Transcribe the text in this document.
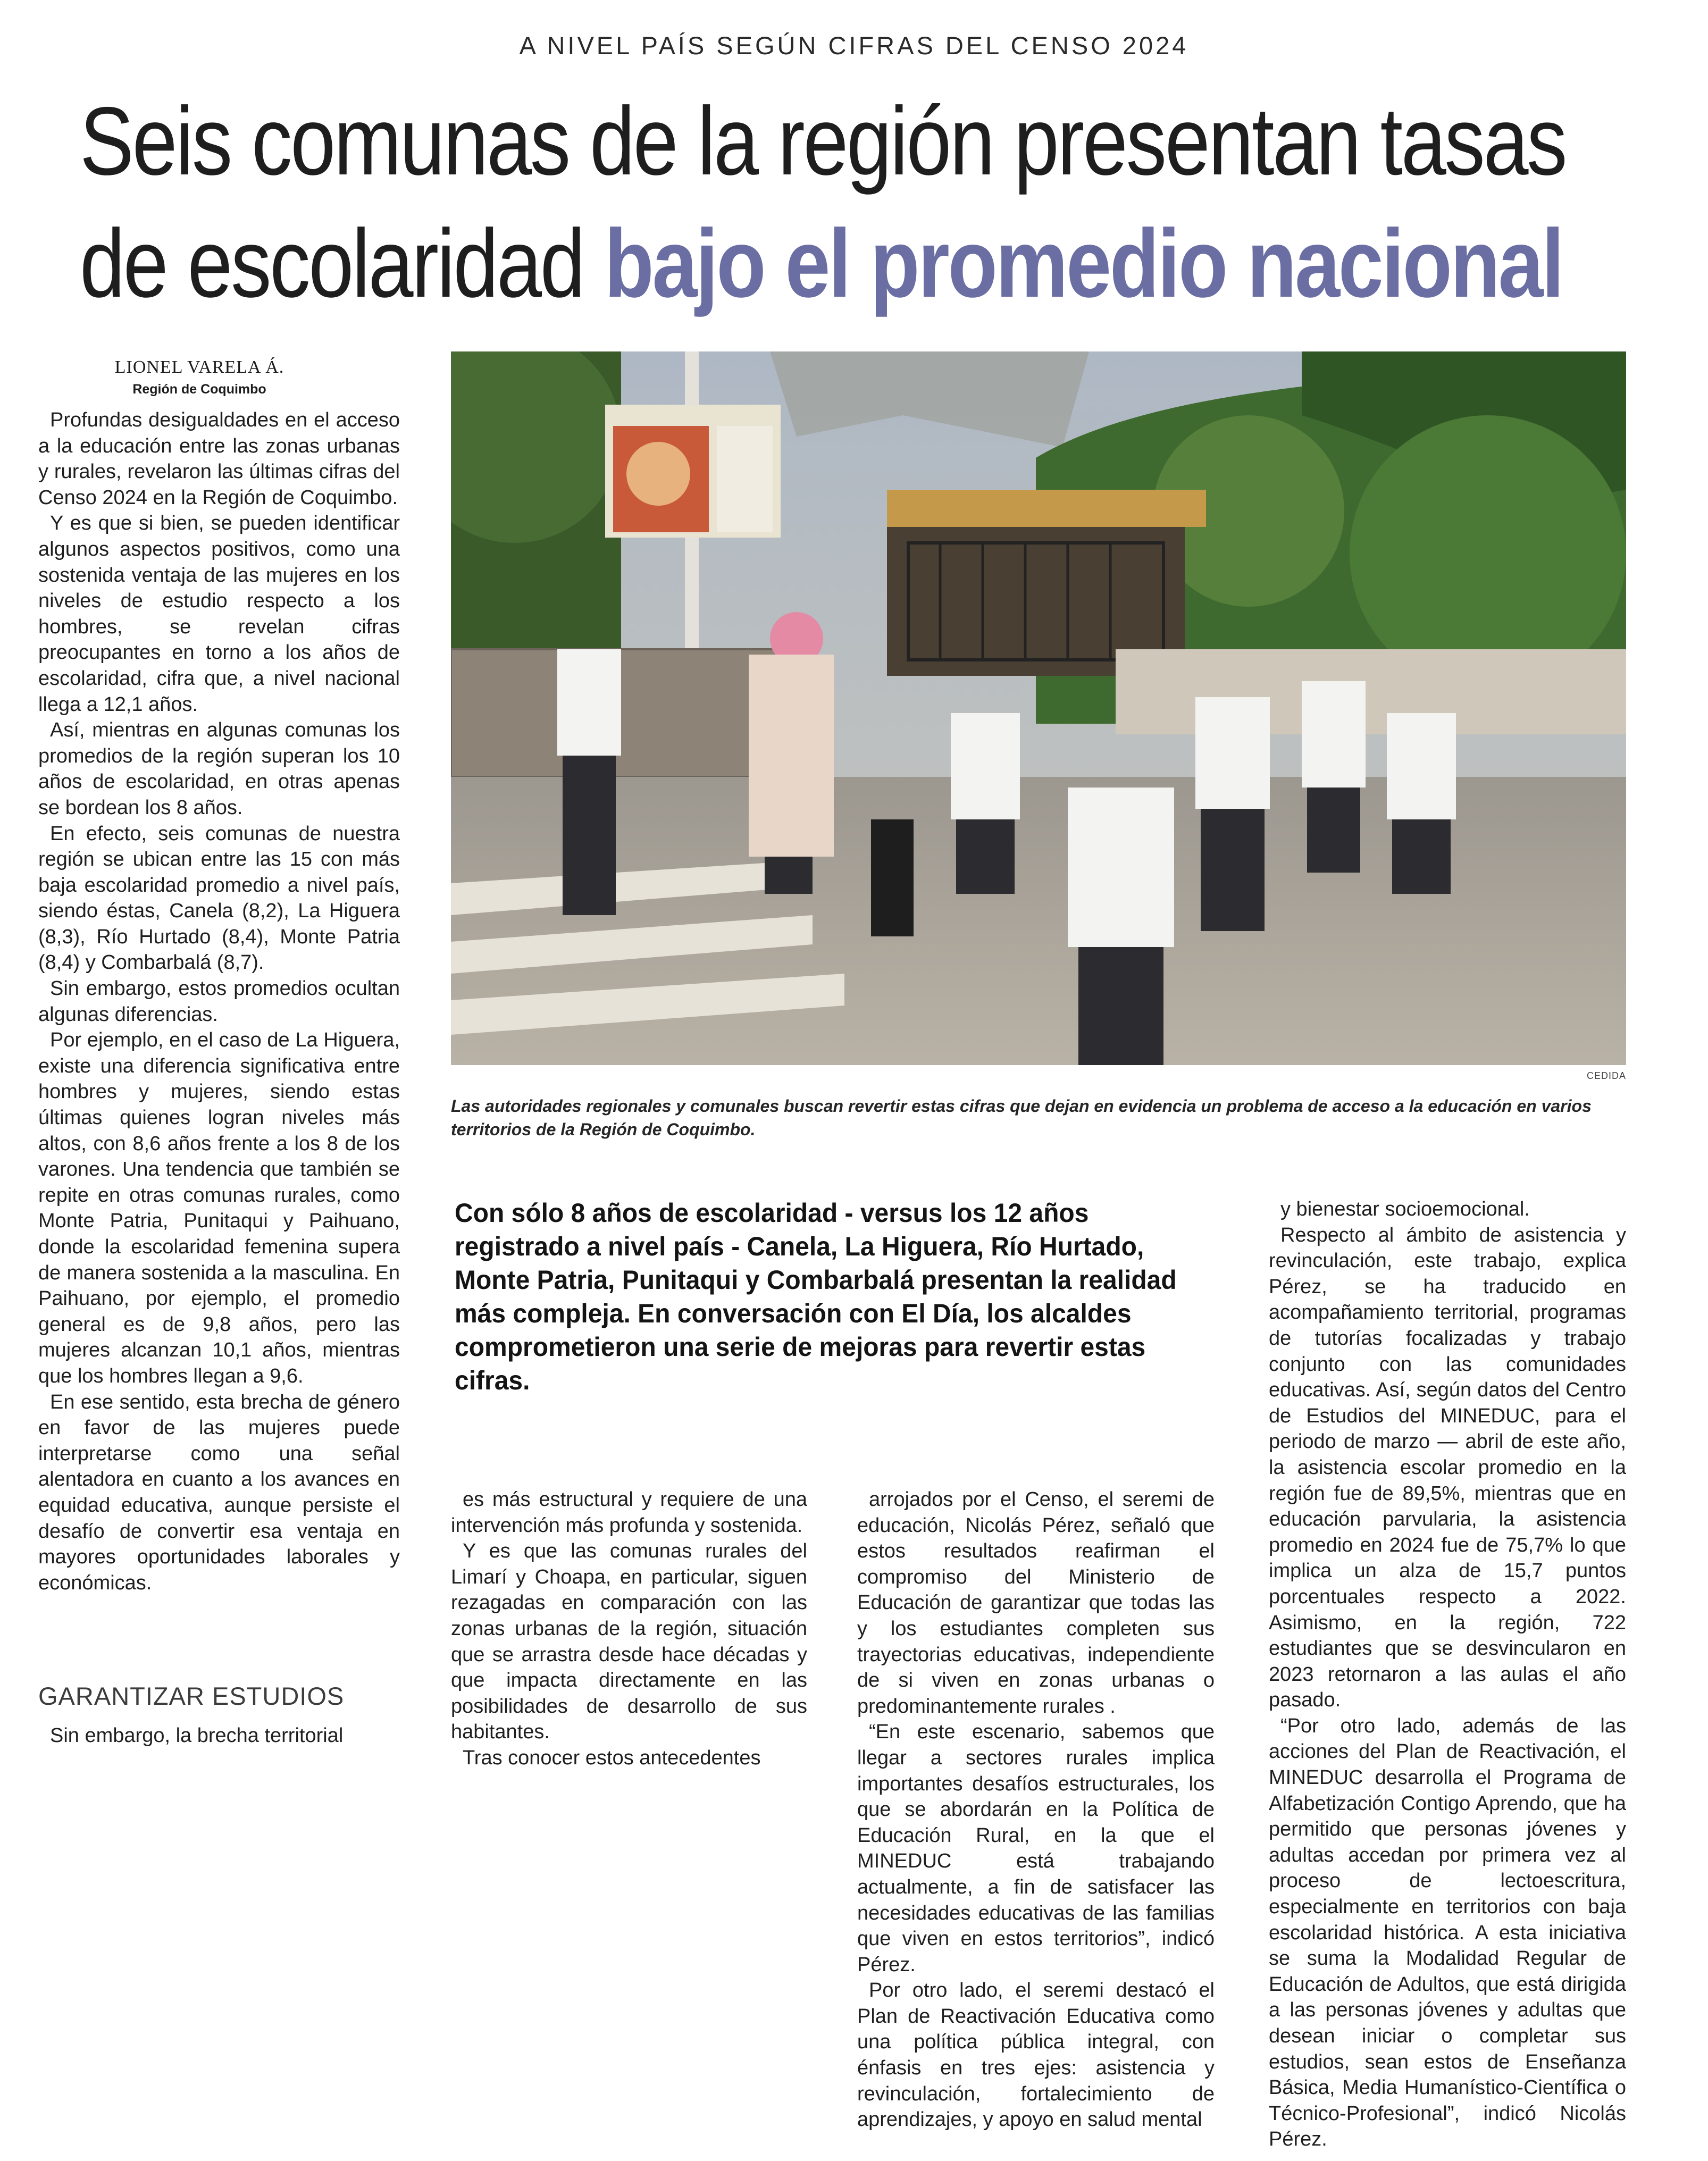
A NIVEL PAÍS SEGÚN CIFRAS DEL CENSO 2024
Seis comunas de la región presentan tasas
de escolaridad bajo el promedio nacional
LIONEL VARELA Á.
Región de Coquimbo

Profundas desigualdades en el acceso a la educación entre las zonas urbanas y rurales, revelaron las últimas cifras del Censo 2024 en la Región de Coquimbo.

Y es que si bien, se pueden identificar algunos aspectos positivos, como una sostenida ventaja de las mujeres en los niveles de estudio respecto a los hombres, se revelan cifras preocupantes en torno a los años de escolaridad, cifra que, a nivel nacional llega a 12,1 años.

Así, mientras en algunas comunas los promedios de la región superan los 10 años de escolaridad, en otras apenas se bordean los 8 años.

En efecto, seis comunas de nuestra región se ubican entre las 15 con más baja escolaridad promedio a nivel país, siendo éstas, Canela (8,2), La Higuera (8,3), Río Hurtado (8,4), Monte Patria (8,4) y Combarbalá (8,7).

Sin embargo, estos promedios ocultan algunas diferencias.

Por ejemplo, en el caso de La Higuera, existe una diferencia significativa entre hombres y mujeres, siendo estas últimas quienes logran niveles más altos, con 8,6 años frente a los 8 de los varones. Una tendencia que también se repite en otras comunas rurales, como Monte Patria, Punitaqui y Paihuano, donde la escolaridad femenina supera de manera sostenida a la masculina. En Paihuano, por ejemplo, el promedio general es de 9,8 años, pero las mujeres alcanzan 10,1 años, mientras que los hombres llegan a 9,6.

En ese sentido, esta brecha de género en favor de las mujeres puede interpretarse como una señal alentadora en cuanto a los avances en equidad educativa, aunque persiste el desafío de convertir esa ventaja en mayores oportunidades laborales y económicas.

GARANTIZAR ESTUDIOS

Sin embargo, la brecha territorial

CEDIDA
Las autoridades regionales y comunales buscan revertir estas cifras que dejan en evidencia un problema de acceso a la educación en varios territorios de la Región de Coquimbo.
Con sólo 8 años de escolaridad - versus los 12 años registrado a nivel país - Canela, La Higuera, Río Hurtado, Monte Patria, Punitaqui y Combarbalá presentan la realidad más compleja. En conversación con El Día, los alcaldes comprometieron una serie de mejoras para revertir estas cifras.

es más estructural y requiere de una intervención más profunda y sostenida.

Y es que las comunas rurales del Limarí y Choapa, en particular, siguen rezagadas en comparación con las zonas urbanas de la región, situación que se arrastra desde hace décadas y que impacta directamente en las posibilidades de desarrollo de sus habitantes.

Tras conocer estos antecedentes

arrojados por el Censo, el seremi de educación, Nicolás Pérez, señaló que estos resultados reafirman el compromiso del Ministerio de Educación de garantizar que todas las y los estudiantes completen sus trayectorias educativas, independiente de si viven en zonas urbanas o predominantemente rurales .

“En este escenario, sabemos que llegar a sectores rurales implica importantes desafíos estructurales, los que se abordarán en la Política de Educación Rural, en la que el MINEDUC está trabajando actualmente, a fin de satisfacer las necesidades educativas de las familias que viven en estos territorios”, indicó Pérez.

Por otro lado, el seremi destacó el Plan de Reactivación Educativa como una política pública integral, con énfasis en tres ejes: asistencia y revinculación, fortalecimiento de aprendizajes, y apoyo en salud mental

y bienestar socioemocional.

Respecto al ámbito de asistencia y revinculación, este trabajo, explica Pérez, se ha traducido en acompañamiento territorial, programas de tutorías focalizadas y trabajo conjunto con las comunidades educativas. Así, según datos del Centro de Estudios del MINEDUC, para el periodo de marzo — abril de este año, la asistencia escolar promedio en la región fue de 89,5%, mientras que en educación parvularia, la asistencia promedio en 2024 fue de 75,7% lo que implica un alza de 15,7 puntos porcentuales respecto a 2022. Asimismo, en la región, 722 estudiantes que se desvincularon en 2023 retornaron a las aulas el año pasado.

“Por otro lado, además de las acciones del Plan de Reactivación, el MINEDUC desarrolla el Programa de Alfabetización Contigo Aprendo, que ha permitido que personas jóvenes y adultas accedan por primera vez al proceso de lectoescritura, especialmente en territorios con baja escolaridad histórica. A esta iniciativa se suma la Modalidad Regular de Educación de Adultos, que está dirigida a las personas jóvenes y adultas que desean iniciar o completar sus estudios, sean estos de Enseñanza Básica, Media Humanístico-Científica o Técnico-Profesional”, indicó Nicolás Pérez.
